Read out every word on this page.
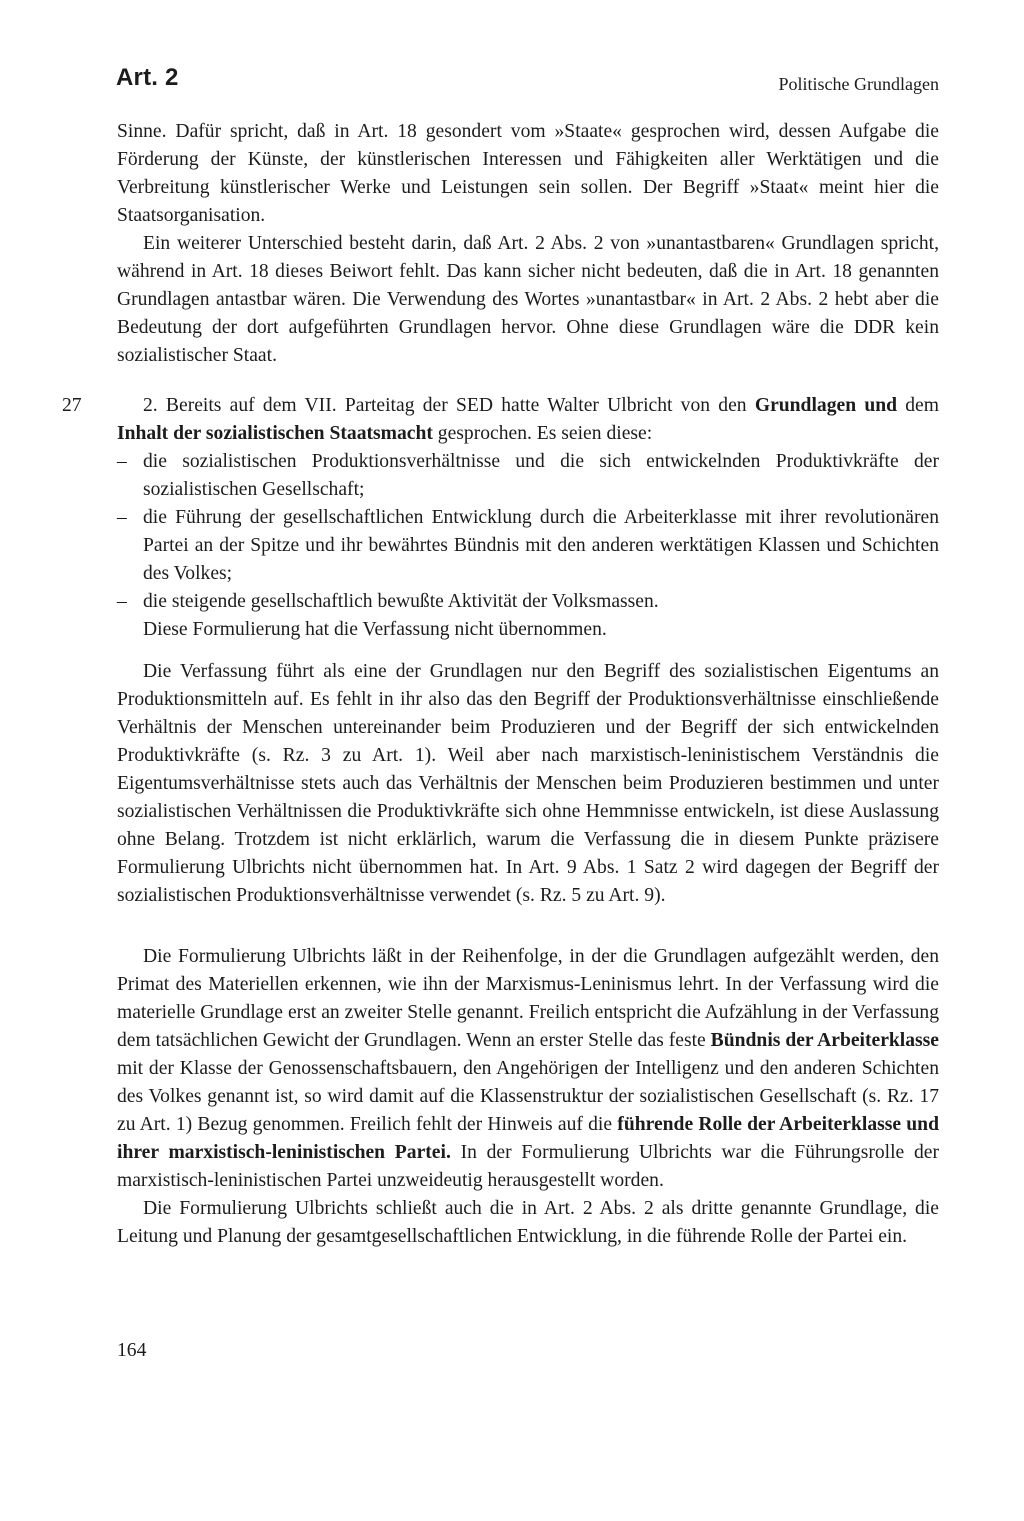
Art. 2	Politische Grundlagen

Sinne. Dafür spricht, daß in Art. 18 gesondert vom »Staate« gesprochen wird, dessen Aufgabe die Förderung der Künste, der künstlerischen Interessen und Fähigkeiten aller Werktätigen und die Verbreitung künstlerischer Werke und Leistungen sein sollen. Der Begriff »Staat« meint hier die Staatsorganisation.

Ein weiterer Unterschied besteht darin, daß Art. 2 Abs. 2 von »unantastbaren« Grundlagen spricht, während in Art. 18 dieses Beiwort fehlt. Das kann sicher nicht bedeuten, daß die in Art. 18 genannten Grundlagen antastbar wären. Die Verwendung des Wortes »unantastbar« in Art. 2 Abs. 2 hebt aber die Bedeutung der dort aufgeführten Grundlagen hervor. Ohne diese Grundlagen wäre die DDR kein sozialistischer Staat.

27	2. Bereits auf dem VII. Parteitag der SED hatte Walter Ulbricht von den Grundlagen und dem Inhalt der sozialistischen Staatsmacht gesprochen. Es seien diese:

– die sozialistischen Produktionsverhältnisse und die sich entwickelnden Produktivkräfte der sozialistischen Gesellschaft;
– die Führung der gesellschaftlichen Entwicklung durch die Arbeiterklasse mit ihrer revolutionären Partei an der Spitze und ihr bewährtes Bündnis mit den anderen werktätigen Klassen und Schichten des Volkes;
– die steigende gesellschaftlich bewußte Aktivität der Volksmassen.

Diese Formulierung hat die Verfassung nicht übernommen.

Die Verfassung führt als eine der Grundlagen nur den Begriff des sozialistischen Eigentums an Produktionsmitteln auf. Es fehlt in ihr also das den Begriff der Produktionsverhältnisse einschließende Verhältnis der Menschen untereinander beim Produzieren und der Begriff der sich entwickelnden Produktivkräfte (s. Rz. 3 zu Art. 1). Weil aber nach marxistisch-leninistischem Verständnis die Eigentumsverhältnisse stets auch das Verhältnis der Menschen beim Produzieren bestimmen und unter sozialistischen Verhältnissen die Produktivkräfte sich ohne Hemmnisse entwickeln, ist diese Auslassung ohne Belang. Trotzdem ist nicht erklärlich, warum die Verfassung die in diesem Punkte präzisere Formulierung Ulbrichts nicht übernommen hat. In Art. 9 Abs. 1 Satz 2 wird dagegen der Begriff der sozialistischen Produktionsverhältnisse verwendet (s. Rz. 5 zu Art. 9).

Die Formulierung Ulbrichts läßt in der Reihenfolge, in der die Grundlagen aufgezählt werden, den Primat des Materiellen erkennen, wie ihn der Marxismus-Leninismus lehrt. In der Verfassung wird die materielle Grundlage erst an zweiter Stelle genannt. Freilich entspricht die Aufzählung in der Verfassung dem tatsächlichen Gewicht der Grundlagen. Wenn an erster Stelle das feste Bündnis der Arbeiterklasse mit der Klasse der Genossenschaftsbauern, den Angehörigen der Intelligenz und den anderen Schichten des Volkes genannt ist, so wird damit auf die Klassenstruktur der sozialistischen Gesellschaft (s. Rz. 17 zu Art. 1) Bezug genommen. Freilich fehlt der Hinweis auf die führende Rolle der Arbeiterklasse und ihrer marxistisch-leninistischen Partei. In der Formulierung Ulbrichts war die Führungsrolle der marxistisch-leninistischen Partei unzweideutig herausgestellt worden.

Die Formulierung Ulbrichts schließt auch die in Art. 2 Abs. 2 als dritte genannte Grundlage, die Leitung und Planung der gesamtgesellschaftlichen Entwicklung, in die führende Rolle der Partei ein.

164
